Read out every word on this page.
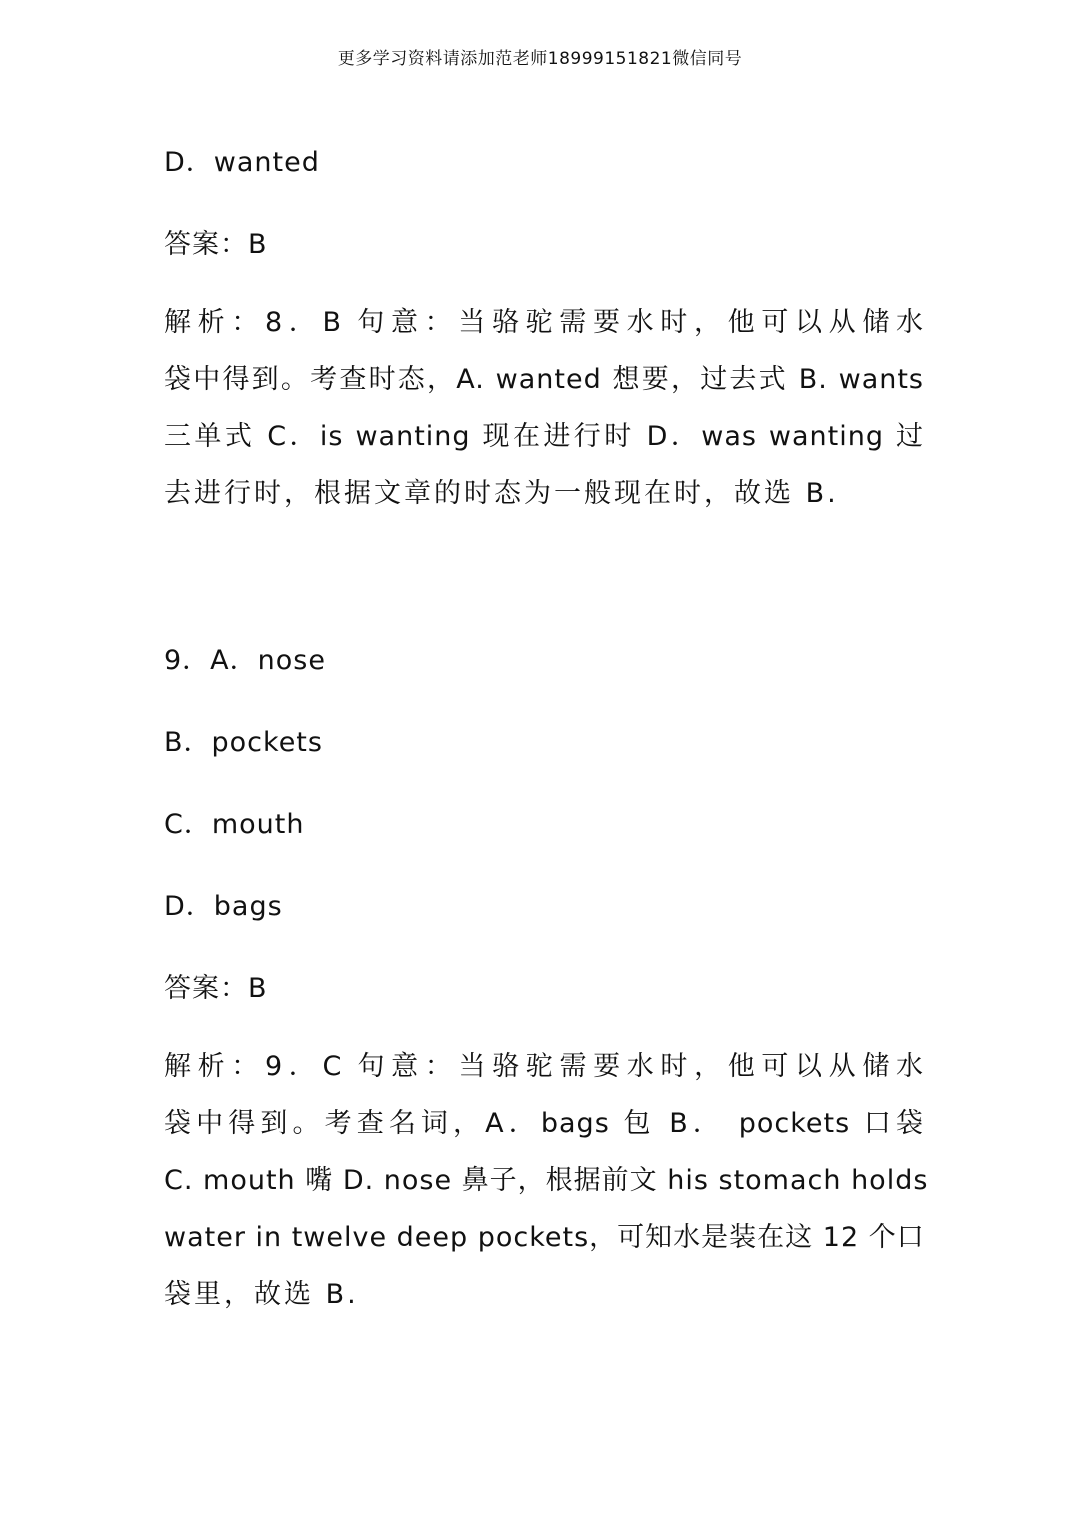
更多学习资料请添加范老师18999151821微信同号
D．wanted
答案：B
解析：8．B 句意：当骆驼需要水时，他可以从储水
袋中得到。考查时态，A. wanted 想要，过去式 B. wants
三单式 C．is wanting 现在进行时 D．was wanting 过
去进行时，根据文章的时态为一般现在时，故选 B.
9．A．nose
B．pockets
C．mouth
D．bags
答案：B
解析：9．C 句意：当骆驼需要水时，他可以从储水
袋中得到。考查名词，A．bags 包 B． pockets 口袋
C. mouth 嘴 D. nose 鼻子，根据前文 his stomach holds
water in twelve deep pockets，可知水是装在这 12 个口
袋里，故选 B.
